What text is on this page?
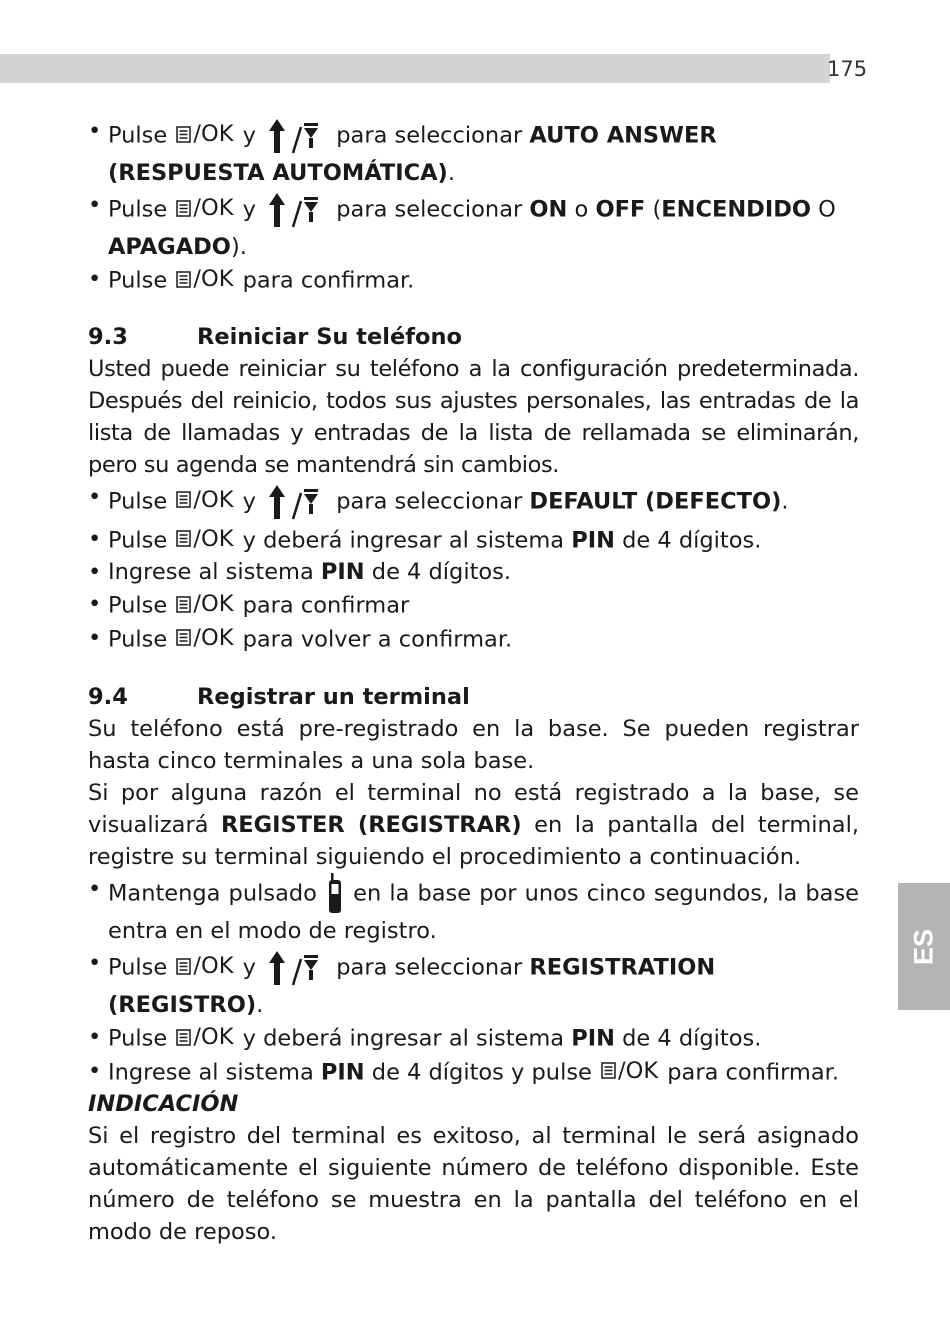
175
ES
• Pulse /OK y	para seleccionar AUTO ANSWER (RESPUESTA AUTOMÁTICA).
• Pulse /OK y	para seleccionar ON o OFF (ENCENDIDO O APAGADO).
• Pulse /OK para confirmar.
9.3	Reiniciar Su teléfono

Usted puede reiniciar su teléfono a la configuración predeterminada. Después del reinicio, todos sus ajustes personales, las entradas de la lista de llamadas y entradas de la lista de rellamada se eliminarán, pero su agenda se mantendrá sin cambios.

• Pulse /OK y	para seleccionar DEFAULT (DEFECTO).
• Pulse /OK y deberá ingresar al sistema PIN de 4 dígitos.
• Ingrese al sistema PIN de 4 dígitos.
• Pulse /OK para confirmar
• Pulse /OK para volver a confirmar.
9.4	Registrar un terminal

Su teléfono está pre-registrado en la base. Se pueden registrar hasta cinco terminales a una sola base.

Si por alguna razón el terminal no está registrado a la base, se visualizará REGISTER (REGISTRAR) en la pantalla del terminal, registre su terminal siguiendo el procedimiento a continuación.

• Mantenga pulsado en la base por unos cinco segundos, la base entra en el modo de registro.
• Pulse /OK y	para seleccionar REGISTRATION (REGISTRO).
• Pulse /OK y deberá ingresar al sistema PIN de 4 dígitos.
• Ingrese al sistema PIN de 4 dígitos y pulse /OK para confirmar.
INDICACIÓN

Si el registro del terminal es exitoso, al terminal le será asignado automáticamente el siguiente número de teléfono disponible. Este número de teléfono se muestra en la pantalla del teléfono en el modo de reposo.
